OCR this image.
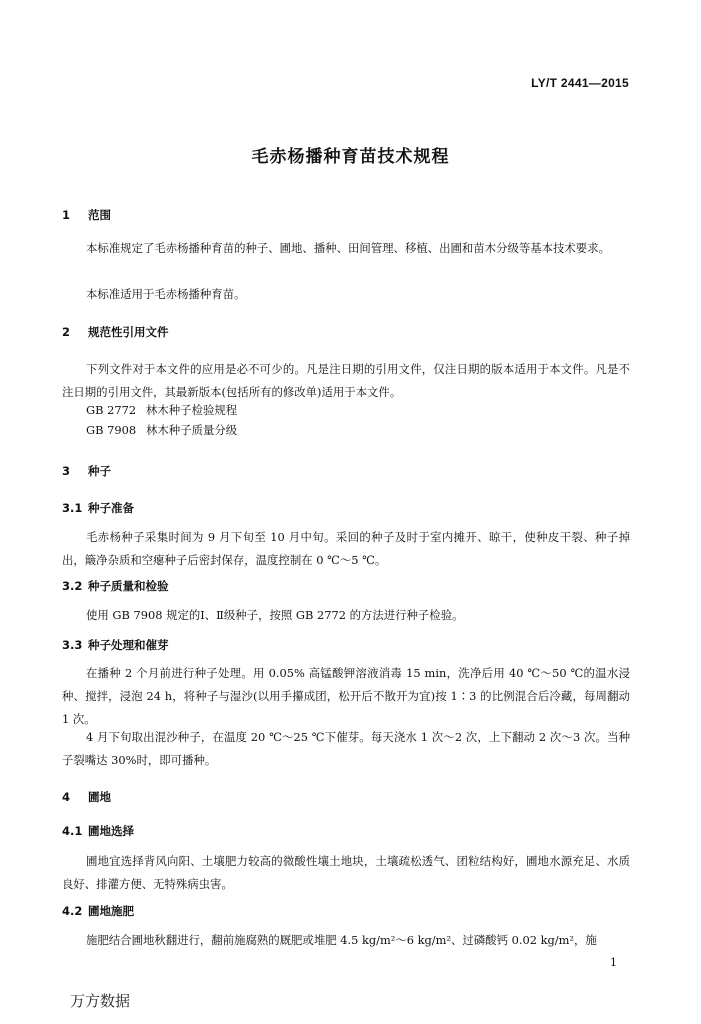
LY/T 2441—2015
毛赤杨播种育苗技术规程
1 范围
本标准规定了毛赤杨播种育苗的种子、圃地、播种、田间管理、移植、出圃和苗木分级等基本技术要求。
本标准适用于毛赤杨播种育苗。
2 规范性引用文件
下列文件对于本文件的应用是必不可少的。凡是注日期的引用文件，仅注日期的版本适用于本文件。凡是不注日期的引用文件，其最新版本(包括所有的修改单)适用于本文件。
GB 2772 林木种子检验规程
GB 7908 林木种子质量分级
3 种子
3.1 种子准备
毛赤杨种子采集时间为 9 月下旬至 10 月中旬。采回的种子及时于室内摊开、晾干，使种皮干裂、种子掉出，簸净杂质和空瘪种子后密封保存，温度控制在 0 ℃～5 ℃。
3.2 种子质量和检验
使用 GB 7908 规定的Ⅰ、Ⅱ级种子，按照 GB 2772 的方法进行种子检验。
3.3 种子处理和催芽
在播种 2 个月前进行种子处理。用 0.05% 高锰酸钾溶液消毒 15 min，洗净后用 40 ℃～50 ℃的温水浸种、搅拌，浸泡 24 h，将种子与湿沙(以用手攥成团，松开后不散开为宜)按 1∶3 的比例混合后冷藏，每周翻动 1 次。
4 月下旬取出混沙种子，在温度 20 ℃～25 ℃下催芽。每天浇水 1 次～2 次，上下翻动 2 次～3 次。当种子裂嘴达 30%时，即可播种。
4 圃地
4.1 圃地选择
圃地宜选择背风向阳、土壤肥力较高的微酸性壤土地块，土壤疏松透气、团粒结构好，圃地水源充足、水质良好、排灌方便、无特殊病虫害。
4.2 圃地施肥
施肥结合圃地秋翻进行，翻前施腐熟的厩肥或堆肥 4.5 kg/m²～6 kg/m²、过磷酸钙 0.02 kg/m²，施
1
万方数据
